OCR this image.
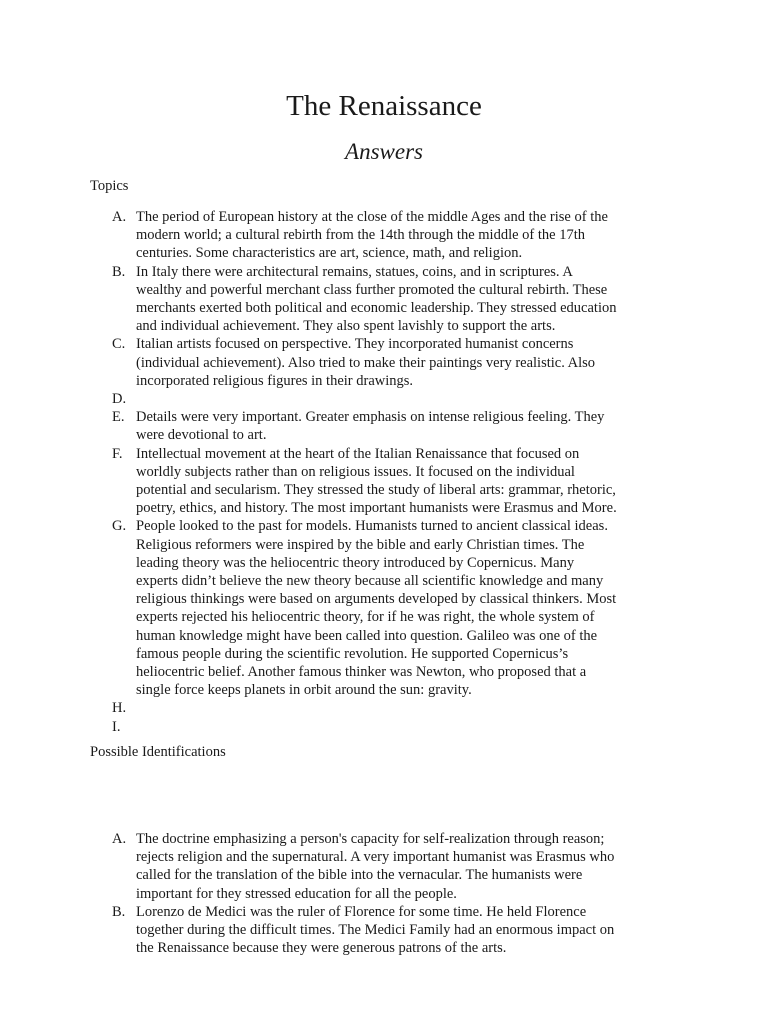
The Renaissance
Answers

Topics

A. The period of European history at the close of the middle Ages and the rise of the
modern world; a cultural rebirth from the 14th through the middle of the 17th
centuries. Some characteristics are art, science, math, and religion.
B. In Italy there were architectural remains, statues, coins, and in scriptures. A
wealthy and powerful merchant class further promoted the cultural rebirth. These
merchants exerted both political and economic leadership. They stressed education
and individual achievement. They also spent lavishly to support the arts.
C. Italian artists focused on perspective. They incorporated humanist concerns
(individual achievement). Also tried to make their paintings very realistic. Also
incorporated religious figures in their drawings.
D.
E. Details were very important. Greater emphasis on intense religious feeling. They
were devotional to art.
F. Intellectual movement at the heart of the Italian Renaissance that focused on
worldly subjects rather than on religious issues. It focused on the individual
potential and secularism. They stressed the study of liberal arts: grammar, rhetoric,
poetry, ethics, and history. The most important humanists were Erasmus and More.
G. People looked to the past for models. Humanists turned to ancient classical ideas.
Religious reformers were inspired by the bible and early Christian times. The
leading theory was the heliocentric theory introduced by Copernicus. Many
experts didn’t believe the new theory because all scientific knowledge and many
religious thinkings were based on arguments developed by classical thinkers. Most
experts rejected his heliocentric theory, for if he was right, the whole system of
human knowledge might have been called into question. Galileo was one of the
famous people during the scientific revolution. He supported Copernicus’s
heliocentric belief. Another famous thinker was Newton, who proposed that a
single force keeps planets in orbit around the sun: gravity.
H.
I.

Possible Identifications

A. The doctrine emphasizing a person's capacity for self-realization through reason;
rejects religion and the supernatural. A very important humanist was Erasmus who
called for the translation of the bible into the vernacular. The humanists were
important for they stressed education for all the people.
B. Lorenzo de Medici was the ruler of Florence for some time. He held Florence
together during the difficult times. The Medici Family had an enormous impact on
the Renaissance because they were generous patrons of the arts.
